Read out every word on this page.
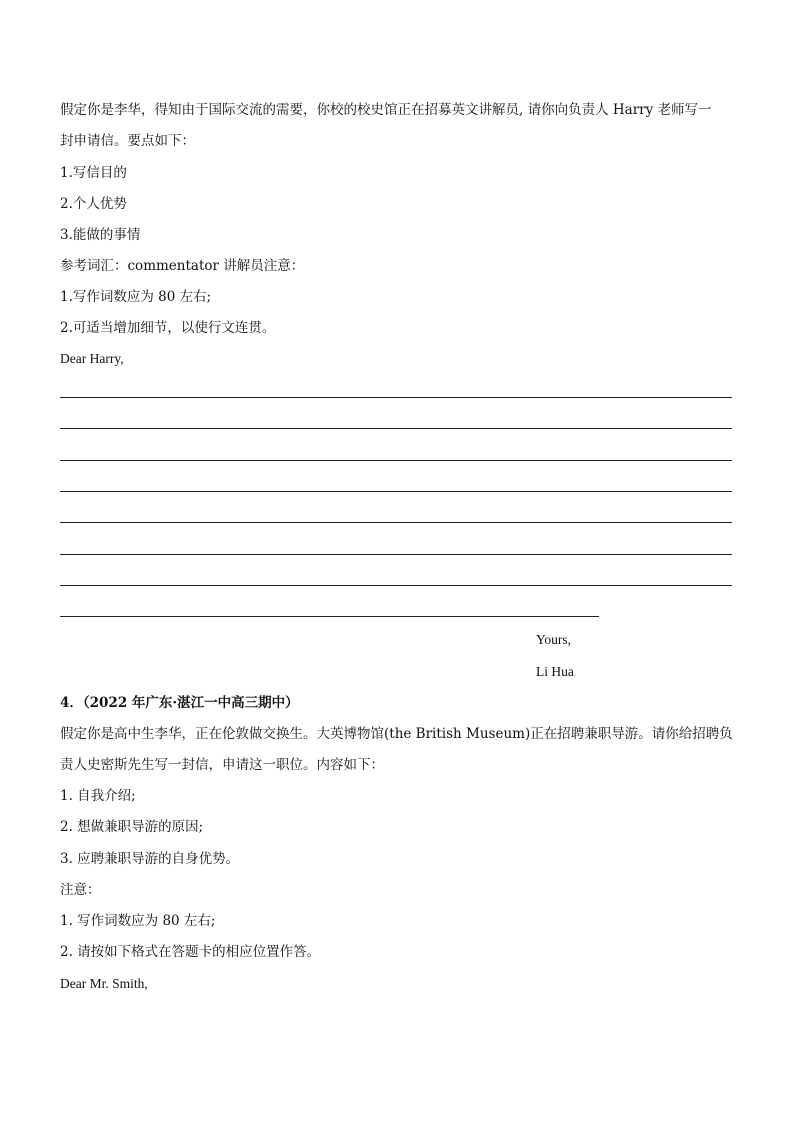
假定你是李华，得知由于国际交流的需要，你校的校史馆正在招募英文讲解员, 请你向负责人 Harry 老师写一
封申请信。要点如下：
1.写信目的
2.个人优势
3.能做的事情
参考词汇：commentator 讲解员注意：
1.写作词数应为 80 左右;
2.可适当增加细节，以使行文连贯。
Dear Harry,
Yours,
Li Hua
4．（2022 年广东·湛江一中高三期中）
假定你是高中生李华，正在伦敦做交换生。大英博物馆(the British Museum)正在招聘兼职导游。请你给招聘负
责人史密斯先生写一封信，申请这一职位。内容如下：
1. 自我介绍;
2. 想做兼职导游的原因;
3. 应聘兼职导游的自身优势。
注意：
1. 写作词数应为 80 左右;
2. 请按如下格式在答题卡的相应位置作答。
Dear Mr. Smith,
